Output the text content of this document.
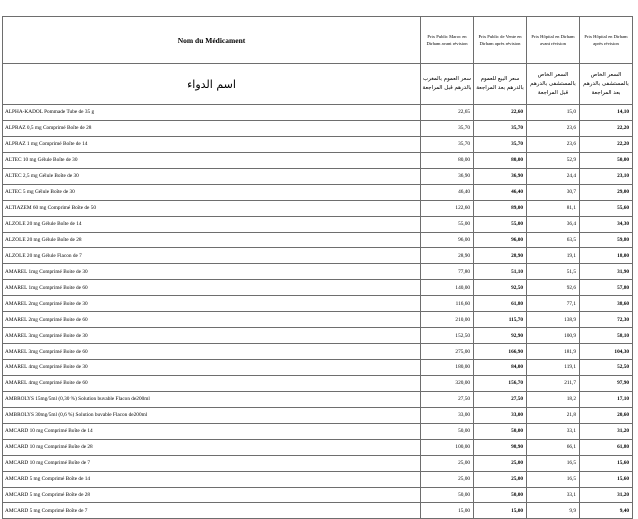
Nom du Médicament	Prix Public Maroc en Dirham avant révision	Prix Public de Vente en Dirham après révision	Prix Hôpital en Dirham avant révision	Prix Hôpital en Dirham après révision
اسم الدواء	سعر العموم بالمغرب بالدرهم قبل المراجعة	سعر البيع للعموم بالدرهم بعد المراجعة	السعر الخاص بالمستشفى بالدرهم قبل المراجعة	السعر الخاص بالمستشفى بالدرهم بعد المراجعة
ALPHA-KADOL Pommade Tube de 35 g	22,65	22,60	15,0	14,10
ALPRAZ 0,5 mg Comprimé Boîte de 28	35,70	35,70	23,6	22,20
ALPRAZ 1 mg Comprimé Boîte de 14	35,70	35,70	23,6	22,20
ALTEC 10 mg Gélule Boîte de 30	80,00	80,00	52,9	50,00
ALTEC 2,5 mg Gélule Boîte de 30	36,90	36,90	24,4	23,10
ALTEC 5 mg Gélule Boîte de 30	46,40	46,40	30,7	29,00
ALTIAZEM 60 mg Comprimé Boîte de 50	122,60	89,00	81,1	55,60
ALZOLE 20 mg Gélule Boîte de 14	55,00	55,00	36,4	34,30
ALZOLE 20 mg Gélule Boîte de 28	96,00	96,00	63,5	59,80
ALZOLE 20 mg Gélule Flacon de 7	28,90	28,90	19,1	18,00
AMAREL 1mg Comprimé Boite de 30	77,80	51,10	51,5	31,90
AMAREL 1mg Comprimé Boite de 60	140,00	92,50	92,6	57,80
AMAREL 2mg Comprimé Boite de 30	116,60	61,80	77,1	38,60
AMAREL 2mg Comprimé Boite de 60	210,00	115,70	138,9	72,30
AMAREL 3mg Comprimé Boite de 30	152,50	92,90	100,9	58,10
AMAREL 3mg Comprimé Boite de 60	275,00	166,90	181,9	104,30
AMAREL 4mg Comprimé Boite de 30	180,00	84,00	119,1	52,50
AMAREL 4mg Comprimé Boite de 60	320,00	156,70	211,7	97,90
AMBROLYS 15mg/5ml (0,30 %) Solution buvable Flacon de200ml	27,50	27,50	18,2	17,10
AMBROLYS 30mg/5ml (0,6 %) Solution buvable Flacon de200ml	33,00	33,00	21,8	20,60
AMCARD 10 mg Comprimé Boîte de 14	50,00	50,00	33,1	31,20
AMCARD 10 mg Comprimé Boîte de 28	100,00	98,90	66,1	61,80
AMCARD 10 mg Comprimé Boîte de 7	25,00	25,00	16,5	15,60
AMCARD 5 mg Comprimé Boîte de 14	25,00	25,00	16,5	15,60
AMCARD 5 mg Comprimé Boîte de 28	50,00	50,00	33,1	31,20
AMCARD 5 mg Comprimé Boîte de 7	15,00	15,00	9,9	9,40
